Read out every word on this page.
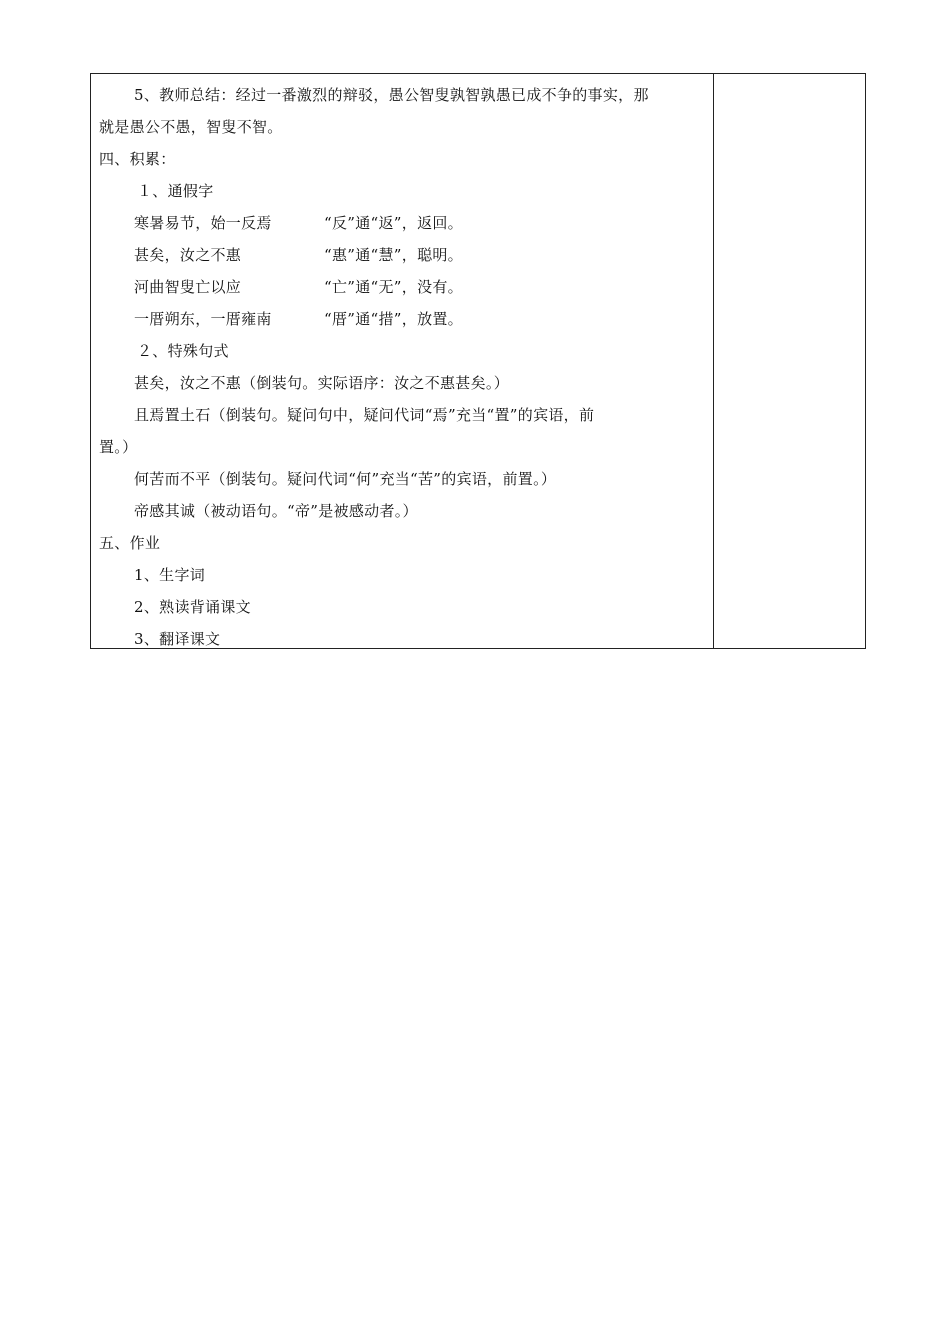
5、教师总结：经过一番激烈的辩驳，愚公智叟孰智孰愚已成不争的事实，那
就是愚公不愚，智叟不智。
四、积累：
１、通假字
寒暑易节，始一反焉	“反”通“返”，返回。
甚矣，汝之不惠	“惠”通“慧”，聪明。
河曲智叟亡以应	“亡”通“无”，没有。
一厝朔东，一厝雍南	“厝”通“措”，放置。
２、特殊句式
甚矣，汝之不惠（倒装句。实际语序：汝之不惠甚矣。）
且焉置土石（倒装句。疑问句中，疑问代词“焉”充当“置”的宾语，前
置。）
何苦而不平（倒装句。疑问代词“何”充当“苦”的宾语，前置。）
帝感其诚（被动语句。“帝”是被感动者。）
五、作业
1、生字词
2、熟读背诵课文
3、翻译课文
